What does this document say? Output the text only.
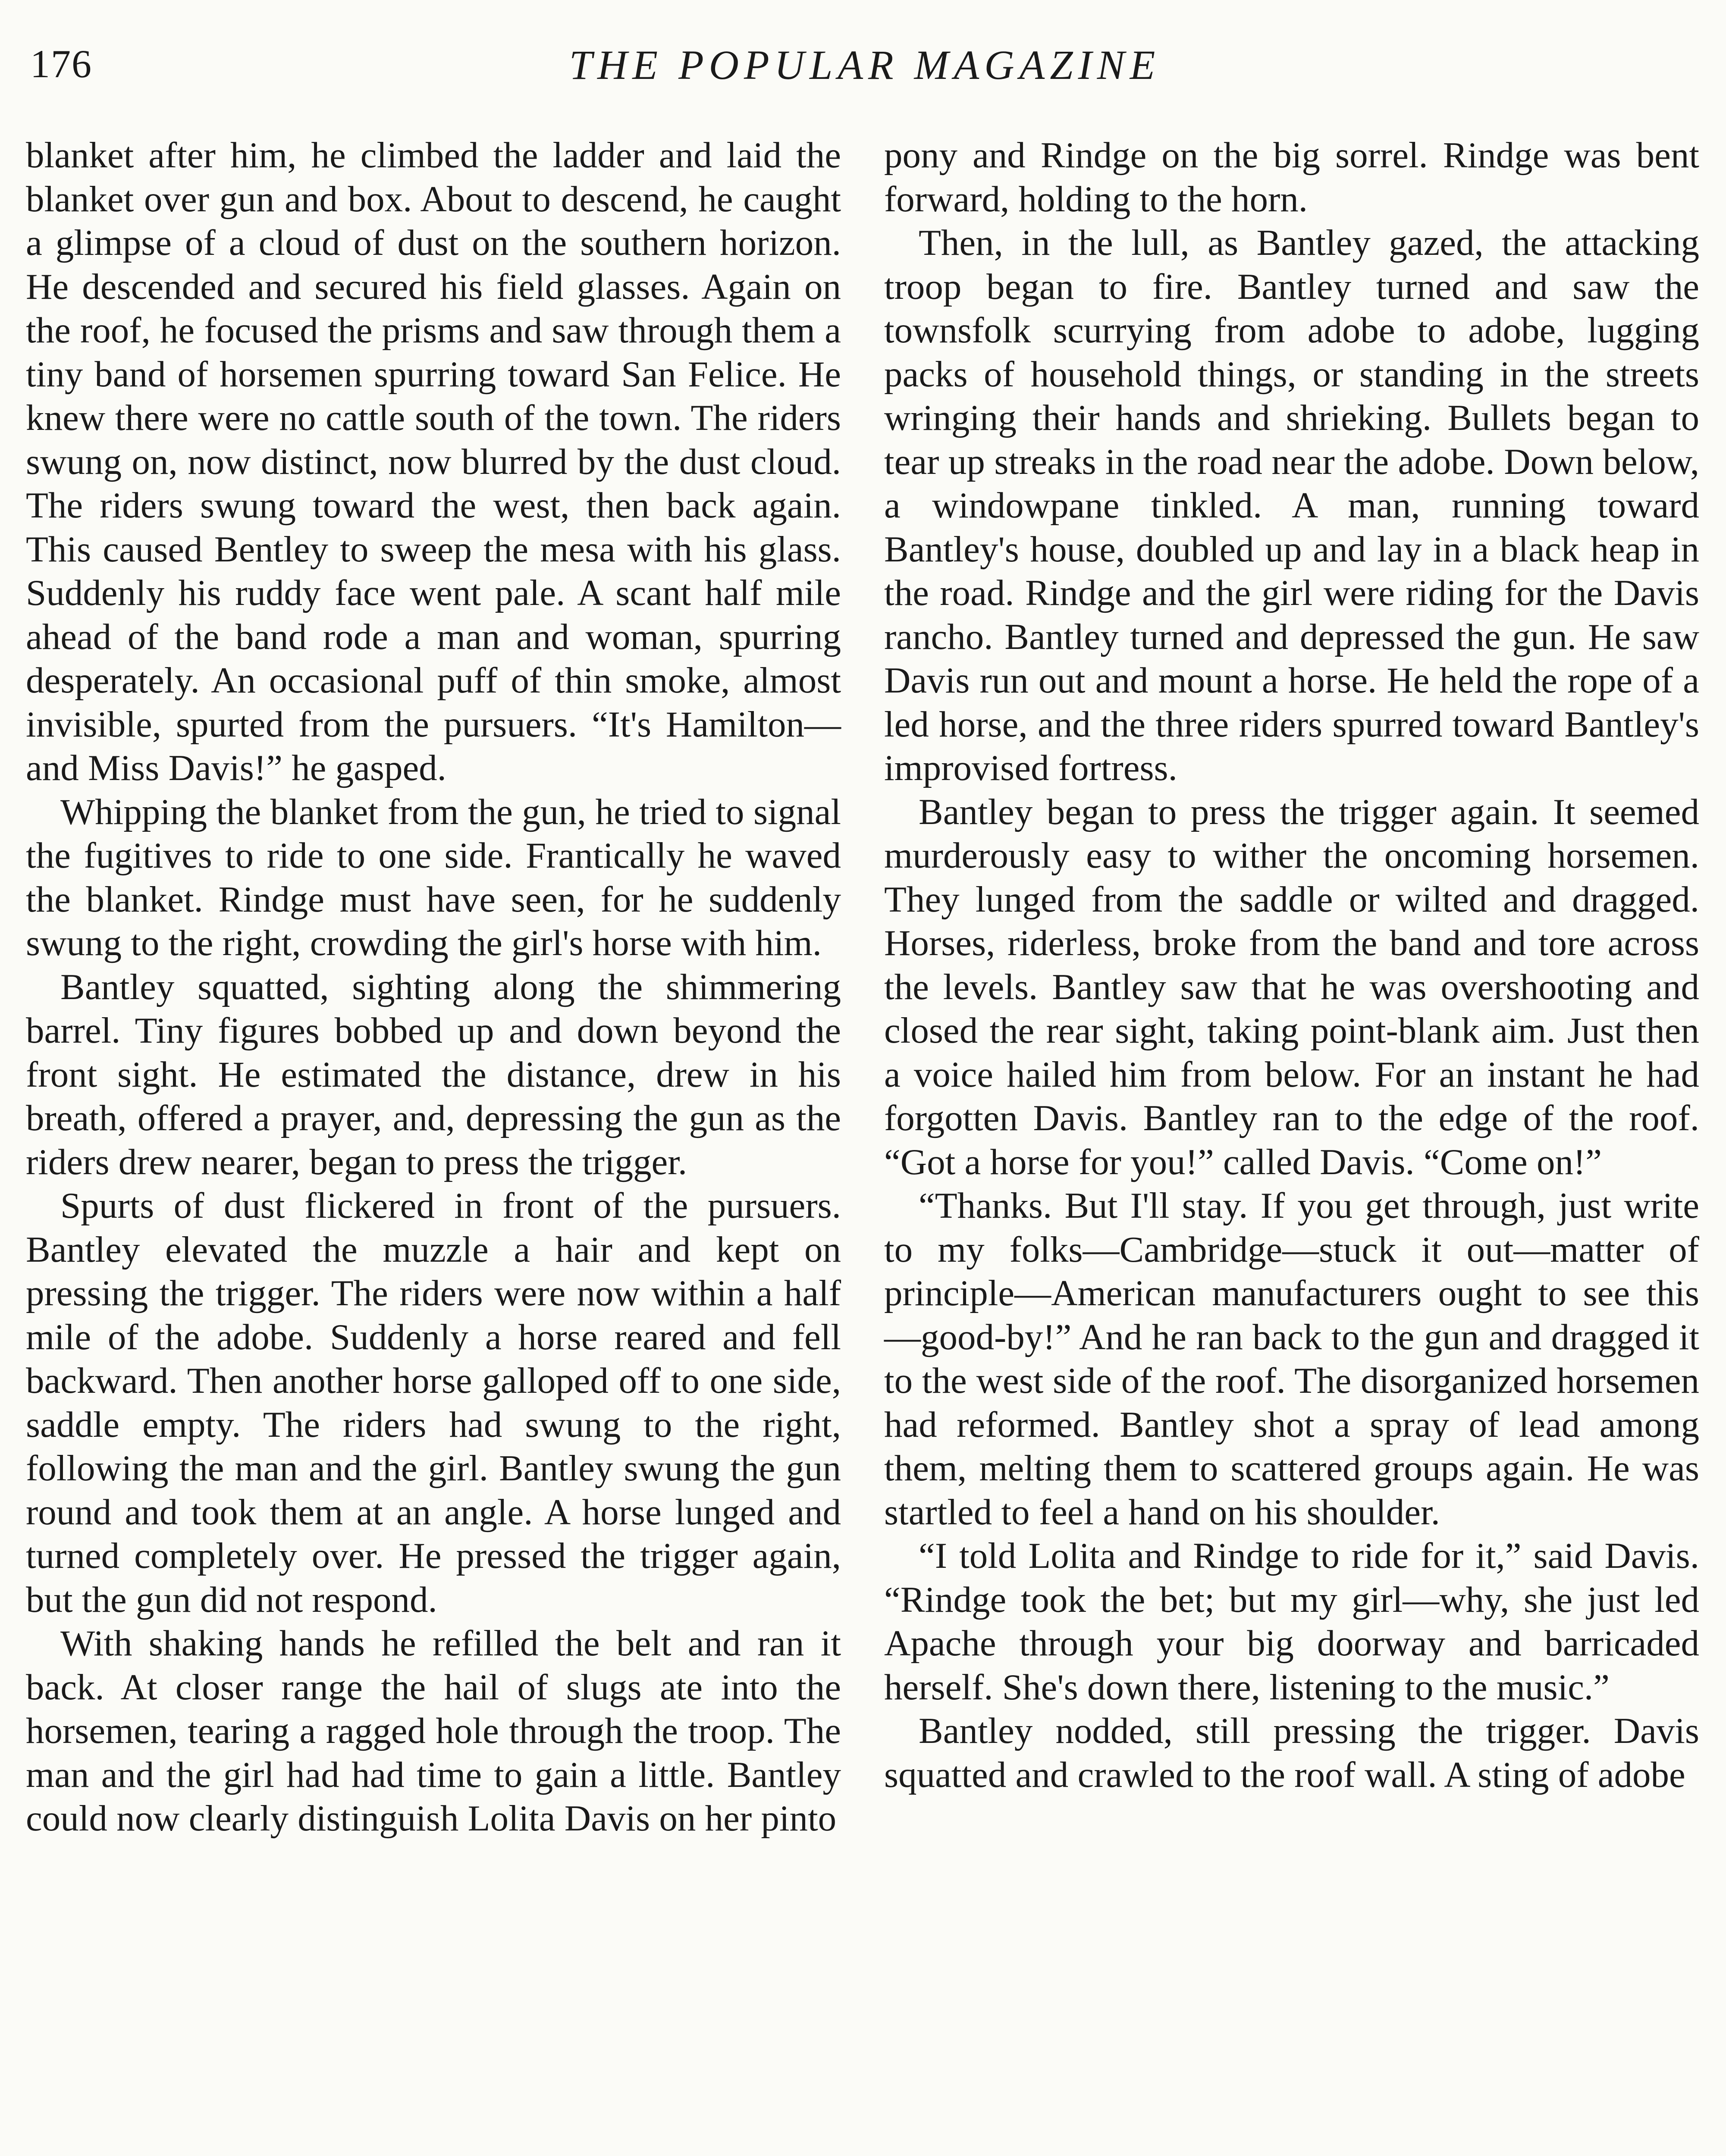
176	THE POPULAR MAGAZINE

blanket after him, he climbed the ladder and laid the blanket over gun and box. About to descend, he caught a glimpse of a cloud of dust on the southern horizon. He descended and secured his field glasses. Again on the roof, he focused the prisms and saw through them a tiny band of horsemen spurring toward San Felice. He knew there were no cattle south of the town. The riders swung on, now distinct, now blurred by the dust cloud. The riders swung toward the west, then back again. This caused Bentley to sweep the mesa with his glass. Suddenly his ruddy face went pale. A scant half mile ahead of the band rode a man and woman, spurring desperately. An occasional puff of thin smoke, almost invisible, spurted from the pursuers. “It's Hamilton—and Miss Davis!” he gasped.

Whipping the blanket from the gun, he tried to signal the fugitives to ride to one side. Frantically he waved the blanket. Rindge must have seen, for he suddenly swung to the right, crowding the girl's horse with him.

Bantley squatted, sighting along the shimmering barrel. Tiny figures bobbed up and down beyond the front sight. He estimated the distance, drew in his breath, offered a prayer, and, depressing the gun as the riders drew nearer, began to press the trigger.

Spurts of dust flickered in front of the pursuers. Bantley elevated the muzzle a hair and kept on pressing the trigger. The riders were now within a half mile of the adobe. Suddenly a horse reared and fell backward. Then another horse galloped off to one side, saddle empty. The riders had swung to the right, following the man and the girl. Bantley swung the gun round and took them at an angle. A horse lunged and turned completely over. He pressed the trigger again, but the gun did not respond.

With shaking hands he refilled the belt and ran it back. At closer range the hail of slugs ate into the horsemen, tearing a ragged hole through the troop. The man and the girl had had time to gain a little. Bantley could now clearly distinguish Lolita Davis on her pinto

pony and Rindge on the big sorrel. Rindge was bent forward, holding to the horn.

Then, in the lull, as Bantley gazed, the attacking troop began to fire. Bantley turned and saw the townsfolk scurrying from adobe to adobe, lugging packs of household things, or standing in the streets wringing their hands and shrieking. Bullets began to tear up streaks in the road near the adobe. Down below, a windowpane tinkled. A man, running toward Bantley's house, doubled up and lay in a black heap in the road. Rindge and the girl were riding for the Davis rancho. Bantley turned and depressed the gun. He saw Davis run out and mount a horse. He held the rope of a led horse, and the three riders spurred toward Bantley's improvised fortress.

Bantley began to press the trigger again. It seemed murderously easy to wither the oncoming horsemen. They lunged from the saddle or wilted and dragged. Horses, riderless, broke from the band and tore across the levels. Bantley saw that he was overshooting and closed the rear sight, taking point-blank aim. Just then a voice hailed him from below. For an instant he had forgotten Davis. Bantley ran to the edge of the roof. “Got a horse for you!” called Davis. “Come on!”

“Thanks. But I'll stay. If you get through, just write to my folks—Cambridge—stuck it out—matter of principle—American manufacturers ought to see this—good-by!” And he ran back to the gun and dragged it to the west side of the roof. The disorganized horsemen had reformed. Bantley shot a spray of lead among them, melting them to scattered groups again. He was startled to feel a hand on his shoulder.

“I told Lolita and Rindge to ride for it,” said Davis. “Rindge took the bet; but my girl—why, she just led Apache through your big doorway and barricaded herself. She's down there, listening to the music.”

Bantley nodded, still pressing the trigger. Davis squatted and crawled to the roof wall. A sting of adobe
